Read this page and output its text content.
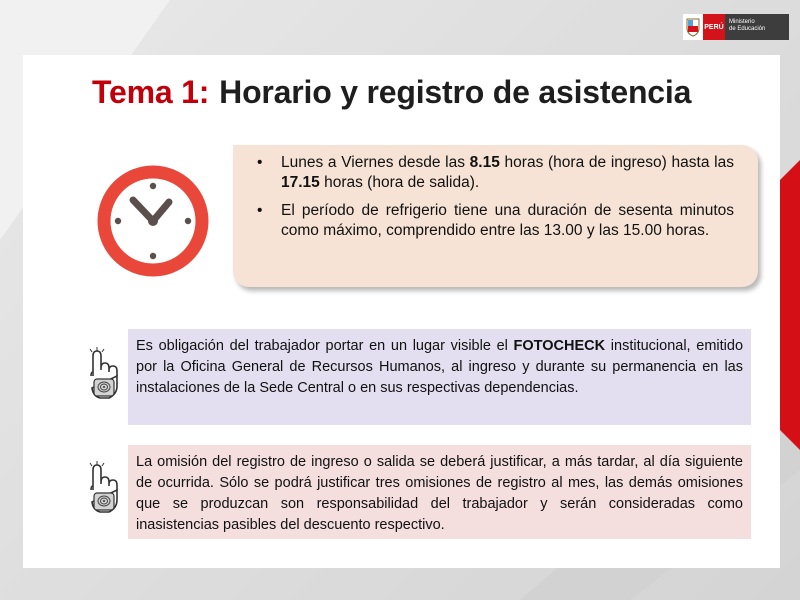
PERÚ
Ministerio
de Educación
Tema 1: Horario y registro de asistencia
• Lunes a Viernes desde las 8.15 horas (hora de ingreso) hasta las 17.15 horas (hora de salida).
• El período de refrigerio tiene una duración de sesenta minutos como máximo, comprendido entre las 13.00 y las 15.00 horas.
Es obligación del trabajador portar en un lugar visible el FOTOCHECK institucional, emitido por la Oficina General de Recursos Humanos, al ingreso y durante su permanencia en las instalaciones de la Sede Central o en sus respectivas dependencias.
La omisión del registro de ingreso o salida se deberá justificar, a más tardar, al día siguiente de ocurrida. Sólo se podrá justificar tres omisiones de registro al mes, las demás omisiones que se produzcan son responsabilidad del trabajador y serán consideradas como inasistencias pasibles del descuento respectivo.
